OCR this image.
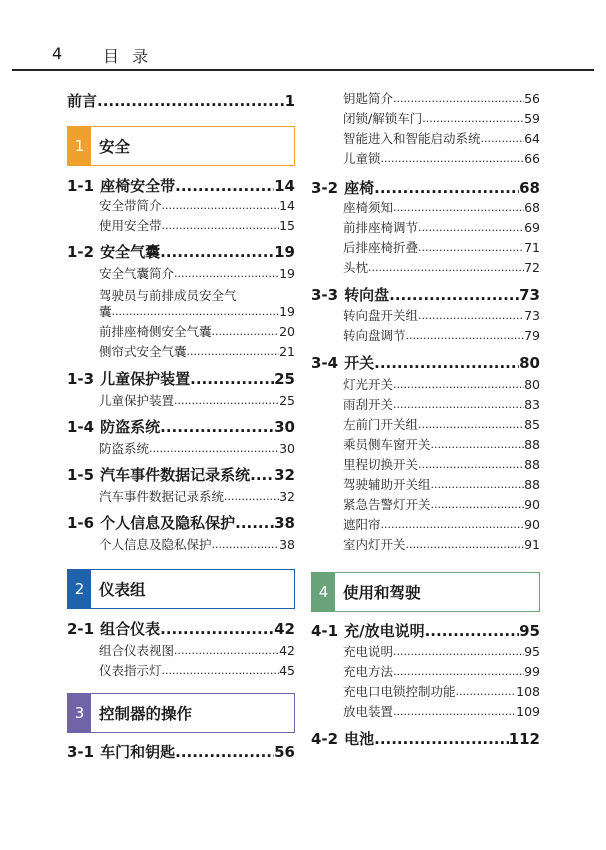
4	目 录
前言 .....	1
1 安全
1-1 座椅安全带 .....	14
安全带简介 .....	14
使用安全带 .....	15
1-2 安全气囊 .....	19
安全气囊简介 .....	19
驾驶员与前排成员安全气
囊 .....	19
前排座椅侧安全气囊 .....	20
侧帘式安全气囊 .....	21
1-3 儿童保护装置 .....	25
儿童保护装置 .....	25
1-4 防盗系统 .....	30
防盗系统 .....	30
1-5 汽车事件数据记录系统 ..... 32
汽车事件数据记录系统 .....	32
1-6 个人信息及隐私保护 .....	38
个人信息及隐私保护 .....	38
2 仪表组
2-1 组合仪表 .....	42
组合仪表视图 .....	42
仪表指示灯 .....	45
3 控制器的操作
3-1 车门和钥匙 .....	56
钥匙简介 .....	56
闭锁/解锁车门 .....	59
智能进入和智能启动系统 .....	64
儿童锁 .....	66
3-2 座椅 .....	68
座椅须知 .....	68
前排座椅调节 .....	69
后排座椅折叠 .....	71
头枕 .....	72
3-3 转向盘 .....	73
转向盘开关组 .....	73
转向盘调节 .....	79
3-4 开关 .....	80
灯光开关 .....	80
雨刮开关 .....	83
左前门开关组 .....	85
乘员侧车窗开关 .....	88
里程切换开关 .....	88
驾驶辅助开关组 .....	88
紧急告警灯开关 .....	90
遮阳帘 .....	90
室内灯开关 .....	91
4 使用和驾驶
4-1 充/放电说明 .....	95
充电说明 .....	95
充电方法 .....	99
充电口电锁控制功能 .....	108
放电装置 .....	109
4-2 电池 .....	112
